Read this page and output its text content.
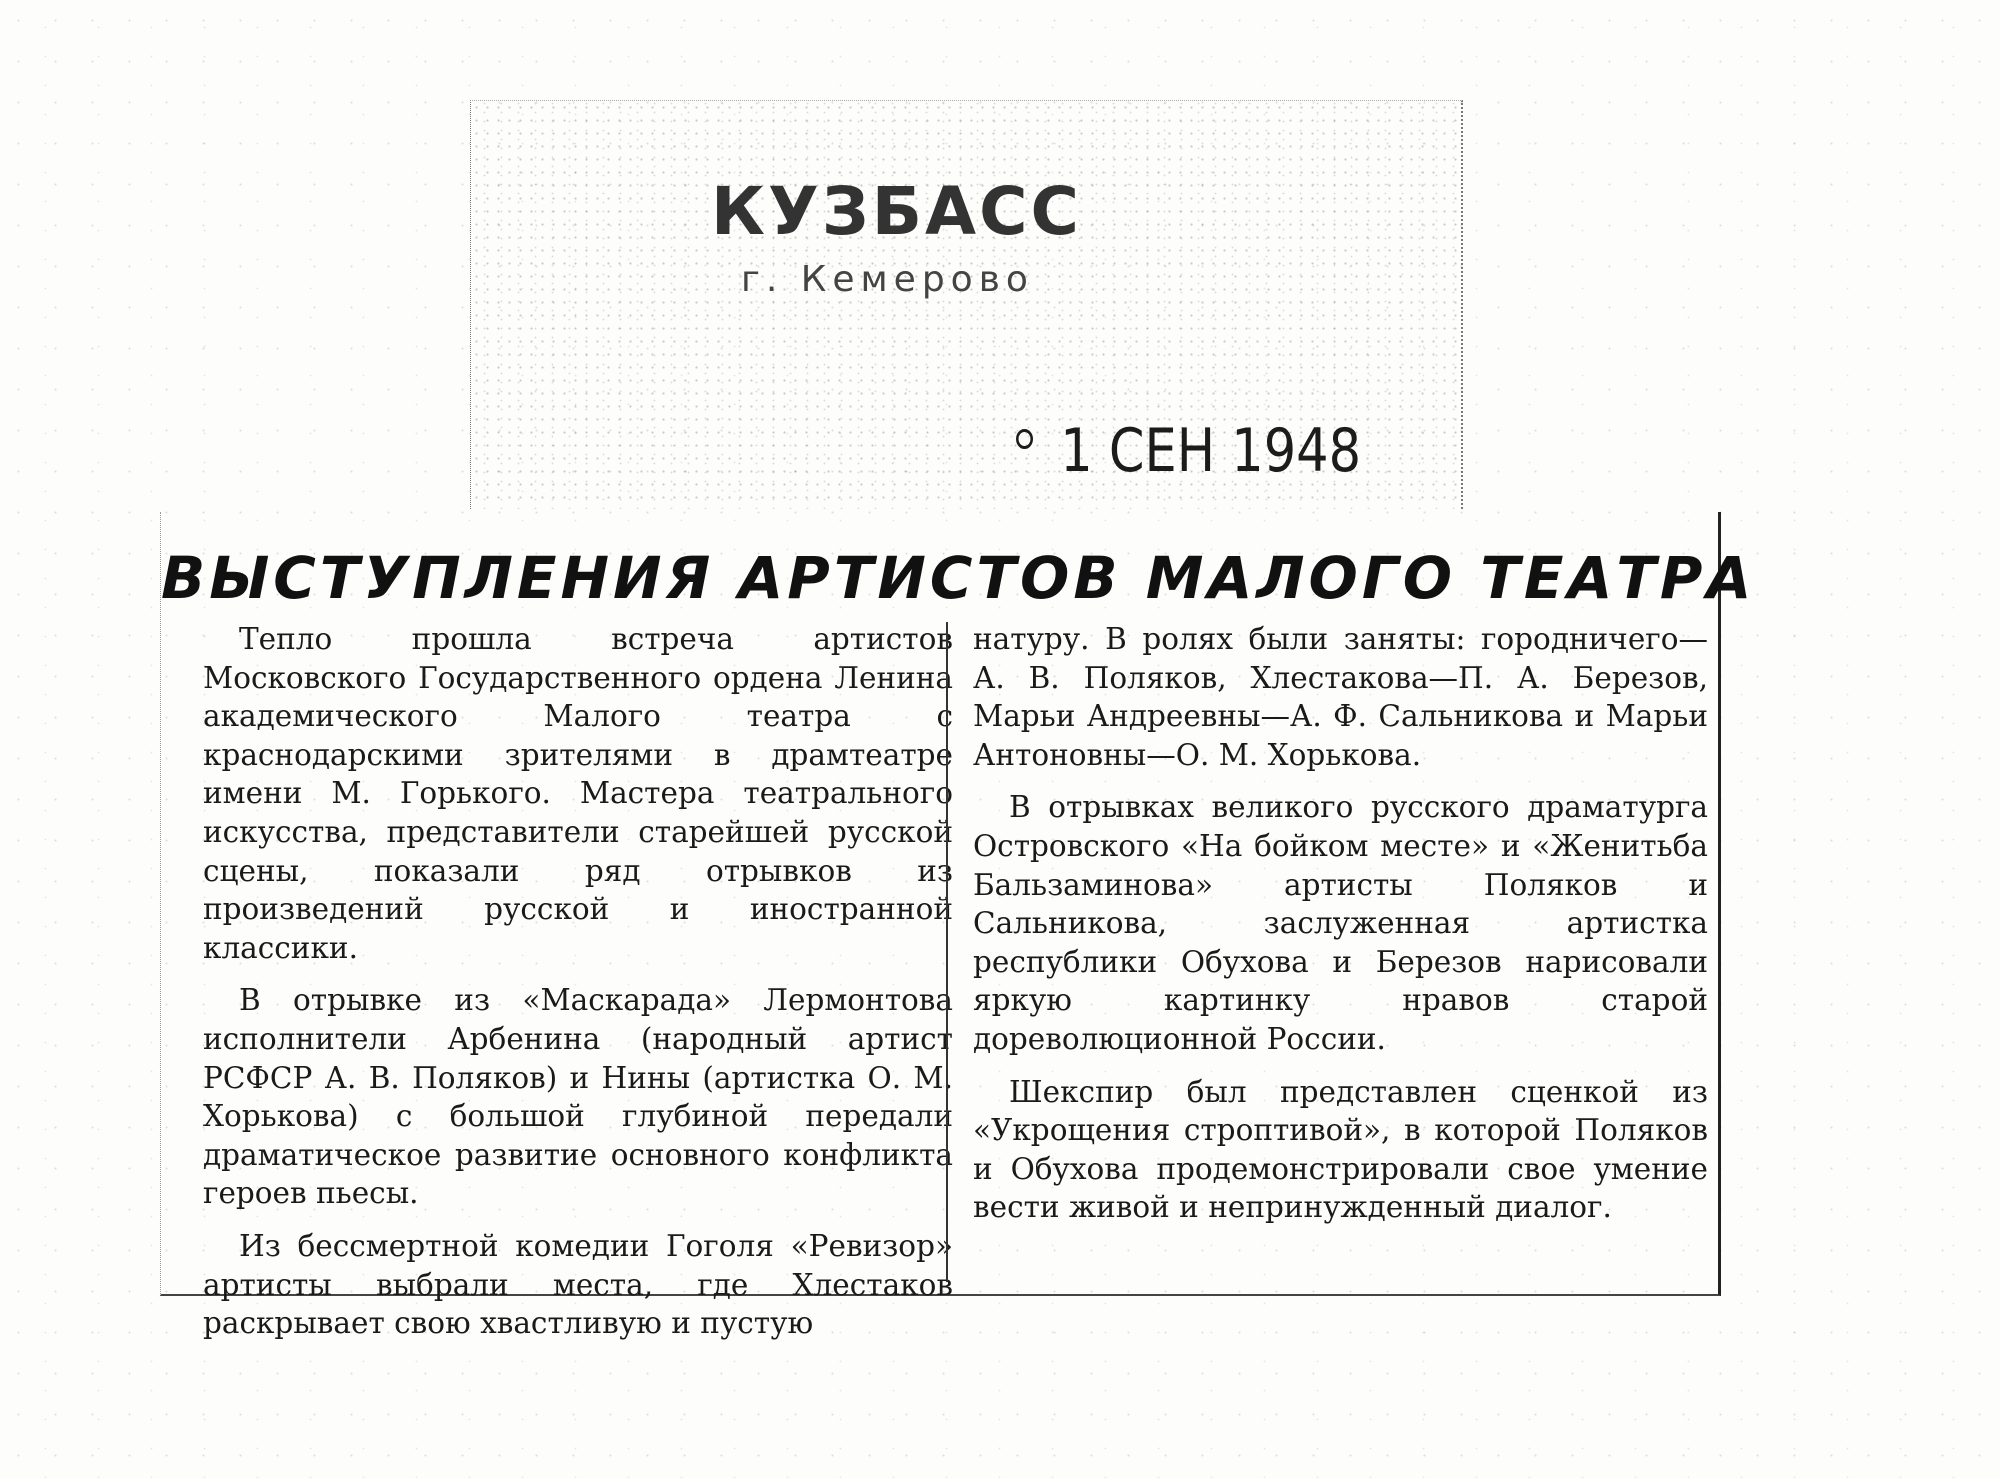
КУЗБАСС
г. Кемерово
1 СЕН 1948
ВЫСТУПЛЕНИЯ АРТИСТОВ МАЛОГО ТЕАТРА

Тепло прошла встреча артистов Московского Государственного ордена Ленина академического Малого театра с краснодарскими зрителями в драмтеатре имени М. Горького. Мастера театрального искусства, представители старейшей русской сцены, показали ряд отрывков из произведений русской и иностранной классики.

В отрывке из «Маскарада» Лермонтова исполнители Арбенина (народный артист РСФСР А. В. Поляков) и Нины (артистка О. М. Хорькова) с большой глубиной передали драматическое развитие основного конфликта героев пьесы.

Из бессмертной комедии Гоголя «Ревизор» артисты выбрали места, где Хлестаков раскрывает свою хвастливую и пустую

натуру. В ролях были заняты: городничего—А. В. Поляков, Хлестакова—П. А. Березов, Марьи Андреевны—А. Ф. Сальникова и Марьи Антоновны—О. М. Хорькова.

В отрывках великого русского драматурга Островского «На бойком месте» и «Женитьба Бальзаминова» артисты Поляков и Сальникова, заслуженная артистка республики Обухова и Березов нарисовали яркую картинку нравов старой дореволюционной России.

Шекспир был представлен сценкой из «Укрощения строптивой», в которой Поляков и Обухова продемонстрировали свое умение вести живой и непринужденный диалог.
